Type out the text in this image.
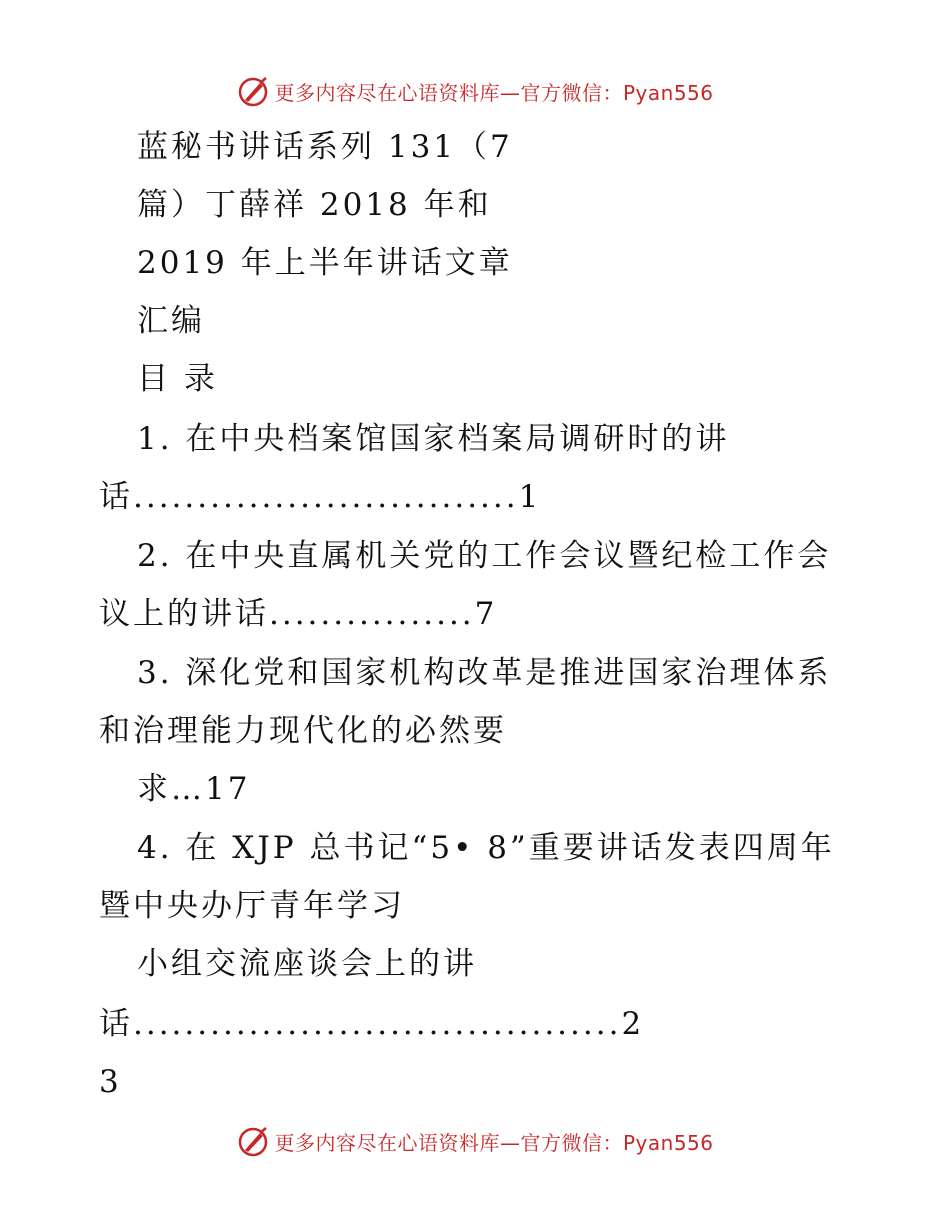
更多内容尽在心语资料库—官方微信：Pyan556
蓝秘书讲话系列 131（7
篇）丁薛祥 2018 年和
2019 年上半年讲话文章
汇编
目 录
1. 在中央档案馆国家档案局调研时的讲
话..............................1
2. 在中央直属机关党的工作会议暨纪检工作会
议上的讲话................7
3. 深化党和国家机构改革是推进国家治理体系
和治理能力现代化的必然要
求…17
4. 在 XJP 总书记“5• 8”重要讲话发表四周年
暨中央办厅青年学习
小组交流座谈会上的讲
话......................................2
3
更多内容尽在心语资料库—官方微信：Pyan556
